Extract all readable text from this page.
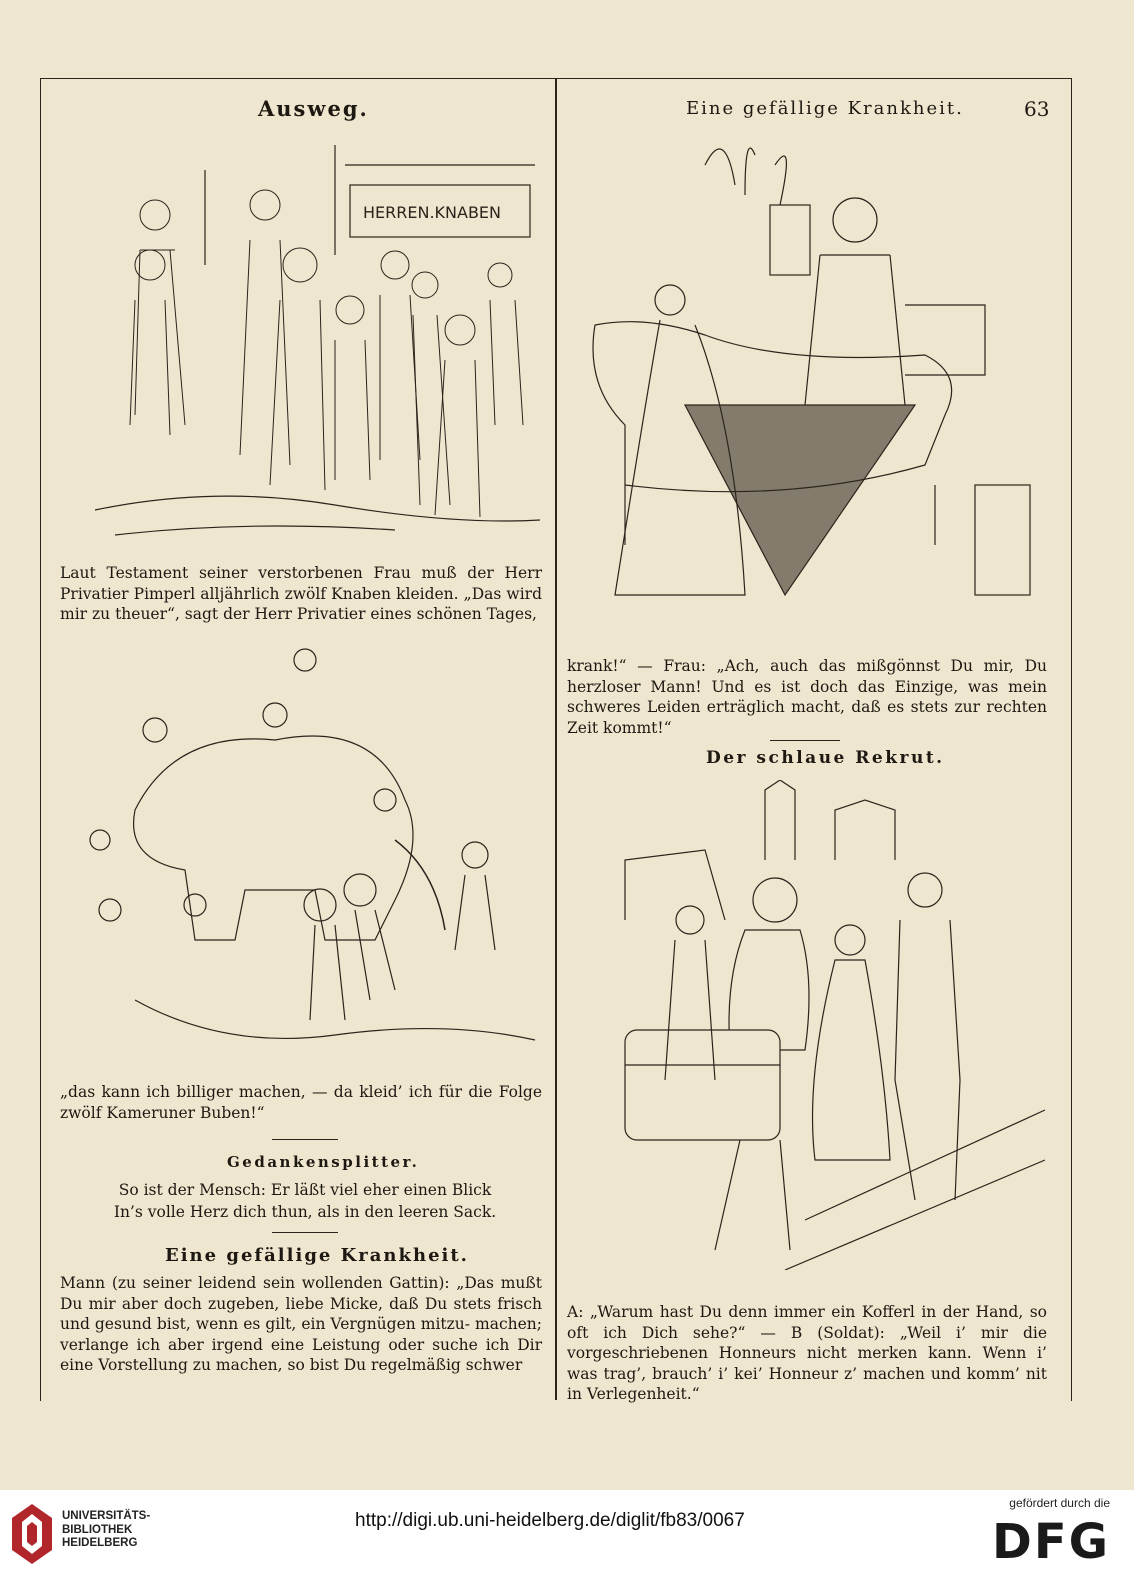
Ausweg.	Eine gefällige Krankheit.	63
HERREN.KNABEN
Laut Testament seiner verstorbenen Frau muß der Herr Privatier Pimperl alljährlich zwölf Knaben kleiden. „Das wird mir zu theuer“, sagt der Herr Privatier eines schönen Tages,
„das kann ich billiger machen, — da kleid’ ich für die Folge zwölf Kameruner Buben!“
Gedankensplitter.
So ist der Mensch: Er läßt viel eher einen Blick
In’s volle Herz dich thun, als in den leeren Sack.
Eine gefällige Krankheit.
Mann (zu seiner leidend sein wollenden Gattin): „Das mußt Du mir aber doch zugeben, liebe Micke, daß Du stets frisch und gesund bist, wenn es gilt, ein Vergnügen mitzu- machen; verlange ich aber irgend eine Leistung oder suche ich Dir eine Vorstellung zu machen, so bist Du regelmäßig schwer
krank!“ — Frau: „Ach, auch das mißgönnst Du mir, Du herzloser Mann! Und es ist doch das Einzige, was mein schweres Leiden erträglich macht, daß es stets zur rechten Zeit kommt!“
Der schlaue Rekrut.
A: „Warum hast Du denn immer ein Kofferl in der Hand, so oft ich Dich sehe?“ — B (Soldat): „Weil i’ mir die vorgeschriebenen Honneurs nicht merken kann. Wenn i’ was trag’, brauch’ i’ kei’ Honneur z’ machen und komm’ nit in Verlegenheit.“
UNIVERSITÄTS-
BIBLIOTHEK
HEIDELBERG
http://digi.ub.uni-heidelberg.de/diglit/fb83/0067
gefördert durch die
DFG
